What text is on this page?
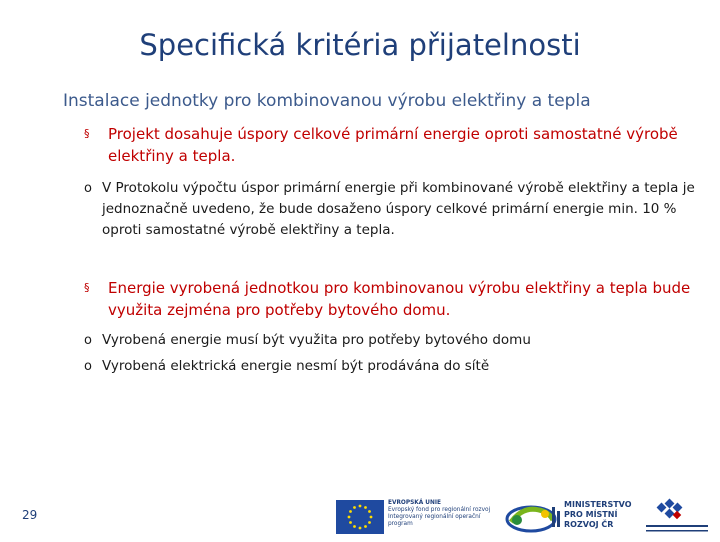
Specifická kritéria přijatelnosti
Instalace jednotky pro kombinovanou výrobu elektřiny a tepla
§ Projekt dosahuje úspory celkové primární energie oproti samostatné výrobě elektřiny a tepla.
o V Protokolu výpočtu úspor primární energie při kombinované výrobě elektřiny a tepla je jednoznačně uvedeno, že bude dosaženo úspory celkové primární energie min. 10 % oproti samostatné výrobě elektřiny a tepla.
§ Energie vyrobená jednotkou pro kombinovanou výrobu elektřiny a tepla bude využita zejména pro potřeby bytového domu.
o Vyrobená energie musí být využita pro potřeby bytového domu
o Vyrobená elektrická energie nesmí být prodávána do sítě
29
EVROPSKÁ UNIE
Evropský fond pro regionální rozvoj
Integrovaný regionální operační program
MINISTERSTVO
PRO MÍSTNÍ
ROZVOJ ČR
